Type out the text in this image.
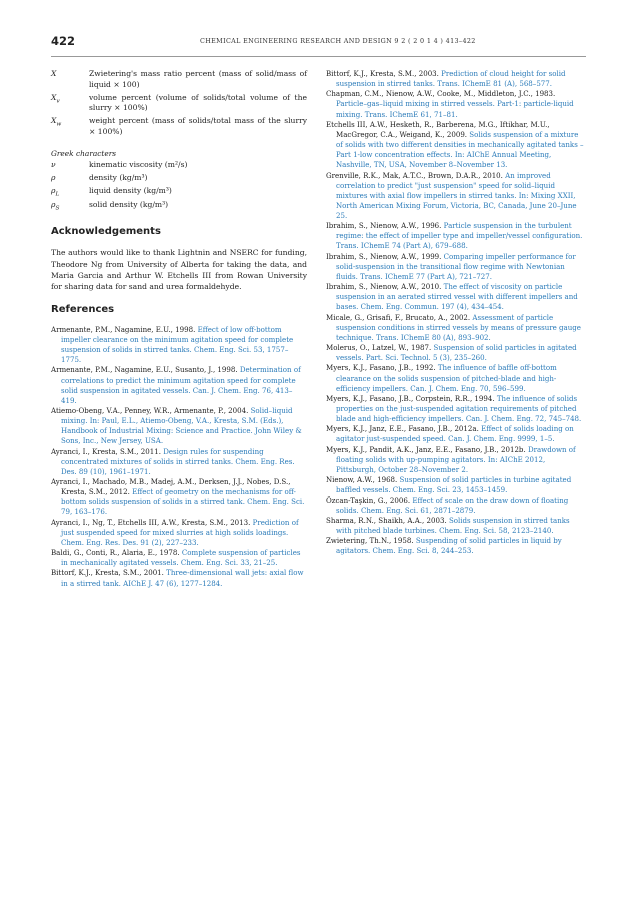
422	CHEMICAL ENGINEERING RESEARCH AND DESIGN 9 2 ( 2 0 1 4 ) 413–422
X	Zwietering's mass ratio percent (mass of solid/mass of liquid × 100)
$X_v$	volume percent (volume of solids/total volume of the slurry × 100%)
$X_w$	weight percent (mass of solids/total mass of the slurry × 100%)
Greek characters
ν	kinematic viscosity (m²/s)
ρ	density (kg/m³)
$\rho_L$	liquid density (kg/m³)
$\rho_S$	solid density (kg/m³)
Acknowledgements

The authors would like to thank Lightnin and NSERC for funding, Theodore Ng from University of Alberta for taking the data, and Maria Garcia and Arthur W. Etchells III from Rowan University for sharing data for sand and urea formaldehyde.

References
Armenante, P.M., Nagamine, E.U., 1998. Effect of low off-bottom impeller clearance on the minimum agitation speed for complete suspension of solids in stirred tanks. Chem. Eng. Sci. 53, 1757–1775.
Armenante, P.M., Nagamine, E.U., Susanto, J., 1998. Determination of correlations to predict the minimum agitation speed for complete solid suspension in agitated vessels. Can. J. Chem. Eng. 76, 413–419.
Atiemo-Obeng, V.A., Penney, W.R., Armenante, P., 2004. Solid–liquid mixing. In: Paul, E.L., Atiemo-Obeng, V.A., Kresta, S.M. (Eds.), Handbook of Industrial Mixing: Science and Practice. John Wiley & Sons, Inc., New Jersey, USA.
Ayranci, I., Kresta, S.M., 2011. Design rules for suspending concentrated mixtures of solids in stirred tanks. Chem. Eng. Res. Des. 89 (10), 1961–1971.
Ayranci, I., Machado, M.B., Madej, A.M., Derksen, J.J., Nobes, D.S., Kresta, S.M., 2012. Effect of geometry on the mechanisms for off-bottom solids suspension of solids in a stirred tank. Chem. Eng. Sci. 79, 163–176.
Ayranci, I., Ng, T., Etchells III, A.W., Kresta, S.M., 2013. Prediction of just suspended speed for mixed slurries at high solids loadings. Chem. Eng. Res. Des. 91 (2), 227–233.
Baldi, G., Conti, R., Alaria, E., 1978. Complete suspension of particles in mechanically agitated vessels. Chem. Eng. Sci. 33, 21–25.
Bittorf, K.J., Kresta, S.M., 2001. Three-dimensional wall jets: axial flow in a stirred tank. AIChE J. 47 (6), 1277–1284.
Bittorf, K.J., Kresta, S.M., 2003. Prediction of cloud height for solid suspension in stirred tanks. Trans. IChemE 81 (A), 568–577.
Chapman, C.M., Nienow, A.W., Cooke, M., Middleton, J.C., 1983. Particle–gas–liquid mixing in stirred vessels. Part-1: particle-liquid mixing. Trans. IChemE 61, 71–81.
Etchells III, A.W., Hesketh, R., Barberena, M.G., Iftikhar, M.U., MacGregor, C.A., Weigand, K., 2009. Solids suspension of a mixture of solids with two different densities in mechanically agitated tanks – Part 1-low concentration effects. In: AIChE Annual Meeting, Nashville, TN, USA, November 8–November 13.
Grenville, R.K., Mak, A.T.C., Brown, D.A.R., 2010. An improved correlation to predict "just suspension" speed for solid–liquid mixtures with axial flow impellers in stirred tanks. In: Mixing XXII, North American Mixing Forum, Victoria, BC, Canada, June 20–June 25.
Ibrahim, S., Nienow, A.W., 1996. Particle suspension in the turbulent regime: the effect of impeller type and impeller/vessel configuration. Trans. IChemE 74 (Part A), 679–688.
Ibrahim, S., Nienow, A.W., 1999. Comparing impeller performance for solid-suspension in the transitional flow regime with Newtonian fluids. Trans. IChemE 77 (Part A), 721–727.
Ibrahim, S., Nienow, A.W., 2010. The effect of viscosity on particle suspension in an aerated stirred vessel with different impellers and bases. Chem. Eng. Commun. 197 (4), 434–454.
Micale, G., Grisafi, F., Brucato, A., 2002. Assessment of particle suspension conditions in stirred vessels by means of pressure gauge technique. Trans. IChemE 80 (A), 893–902.
Molerus, O., Latzel, W., 1987. Suspension of solid particles in agitated vessels. Part. Sci. Technol. 5 (3), 235–260.
Myers, K.J., Fasano, J.B., 1992. The influence of baffle off-bottom clearance on the solids suspension of pitched-blade and high-efficiency impellers. Can. J. Chem. Eng. 70, 596–599.
Myers, K.J., Fasano, J.B., Corpstein, R.R., 1994. The influence of solids properties on the just-suspended agitation requirements of pitched blade and high-efficiency impellers. Can. J. Chem. Eng. 72, 745–748.
Myers, K.J., Janz, E.E., Fasano, J.B., 2012a. Effect of solids loading on agitator just-suspended speed. Can. J. Chem. Eng. 9999, 1–5.
Myers, K.J., Pandit, A.K., Janz, E.E., Fasano, J.B., 2012b. Drawdown of floating solids with up-pumping agitators. In: AIChE 2012, Pittsburgh, October 28–November 2.
Nienow, A.W., 1968. Suspension of solid particles in turbine agitated baffled vessels. Chem. Eng. Sci. 23, 1453–1459.
Özcan-Taşkin, G., 2006. Effect of scale on the draw down of floating solids. Chem. Eng. Sci. 61, 2871–2879.
Sharma, R.N., Shaikh, A.A., 2003. Solids suspension in stirred tanks with pitched blade turbines. Chem. Eng. Sci. 58, 2123–2140.
Zwietering, Th.N., 1958. Suspending of solid particles in liquid by agitators. Chem. Eng. Sci. 8, 244–253.
